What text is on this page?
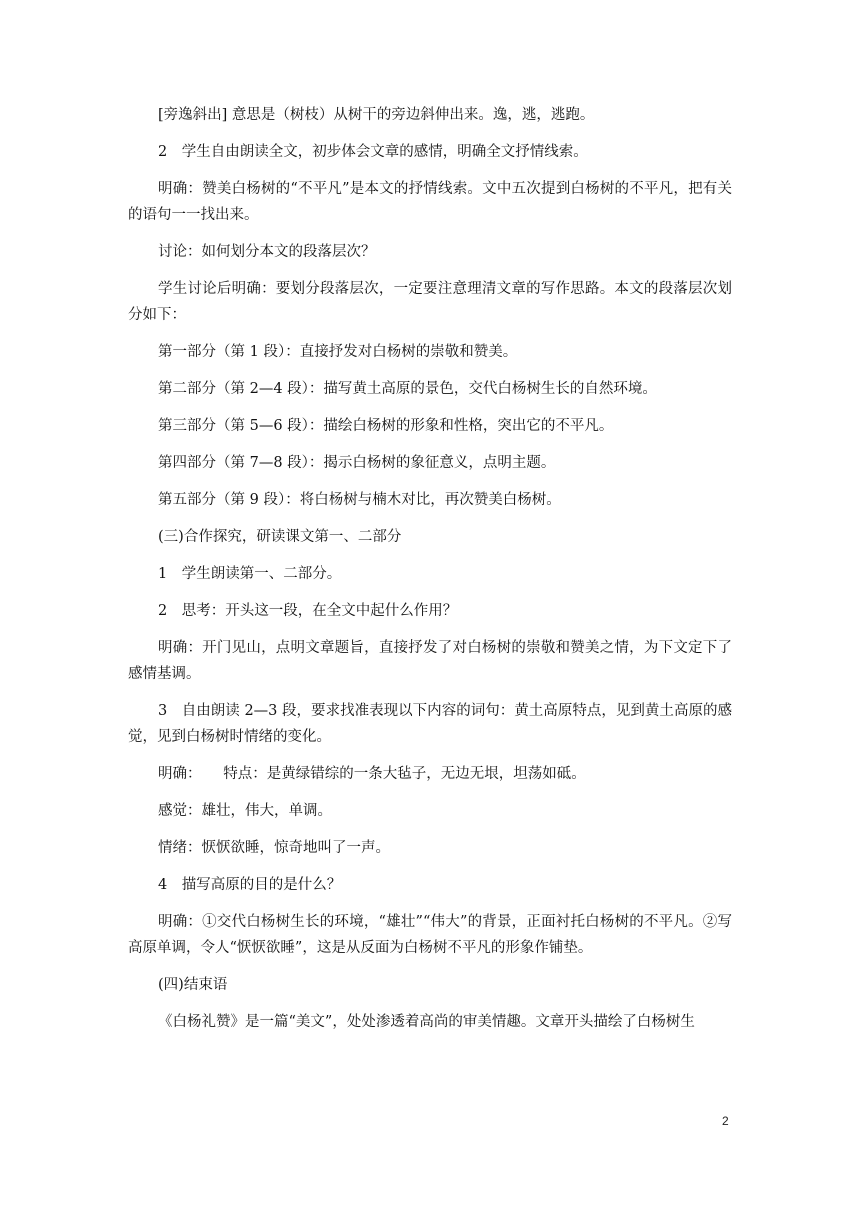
[旁逸斜出] 意思是（树枝）从树干的旁边斜伸出来。逸，逃，逃跑。

2　学生自由朗读全文，初步体会文章的感情，明确全文抒情线索。

明确：赞美白杨树的“不平凡”是本文的抒情线索。文中五次提到白杨树的不平凡，把有关的语句一一找出来。

讨论：如何划分本文的段落层次？

学生讨论后明确：要划分段落层次，一定要注意理清文章的写作思路。本文的段落层次划分如下：

第一部分（第 1 段）：直接抒发对白杨树的崇敬和赞美。

第二部分（第 2—4 段）：描写黄土高原的景色，交代白杨树生长的自然环境。

第三部分（第 5—6 段）：描绘白杨树的形象和性格，突出它的不平凡。

第四部分（第 7—8 段）：揭示白杨树的象征意义，点明主题。

第五部分（第 9 段）：将白杨树与楠木对比，再次赞美白杨树。

(三)合作探究，研读课文第一、二部分

1　学生朗读第一、二部分。

2　思考：开头这一段，在全文中起什么作用？

明确：开门见山，点明文章题旨，直接抒发了对白杨树的崇敬和赞美之情，为下文定下了感情基调。

3　自由朗读 2—3 段，要求找准表现以下内容的词句：黄土高原特点，见到黄土高原的感觉，见到白杨树时情绪的变化。

明确：　　特点：是黄绿错综的一条大毡子，无边无垠，坦荡如砥。

感觉：雄壮，伟大，单调。

情绪：恹恹欲睡，惊奇地叫了一声。

4　描写高原的目的是什么？

明确：①交代白杨树生长的环境，“雄壮”“伟大”的背景，正面衬托白杨树的不平凡。②写高原单调，令人“恹恹欲睡”，这是从反面为白杨树不平凡的形象作铺垫。

(四)结束语

《白杨礼赞》是一篇“美文”，处处渗透着高尚的审美情趣。文章开头描绘了白杨树生

2
